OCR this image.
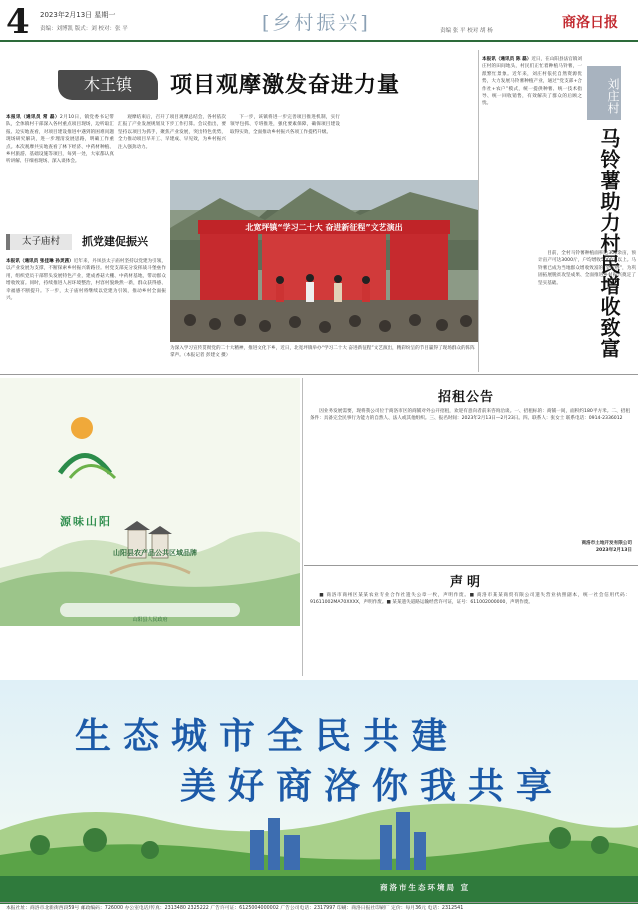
4 2023年2月13日 星期一
责编：刘博凯 版式：刘 校对：张 平	[乡村振兴]	责编 张 平 校对 胡 杨	商洛日报
木王镇	项目观摩激发奋进力量
本报讯（通讯员 常 磊）2月10日，镇党委书记带队，全体镇村干部深入各村重点项目现场，边听取汇报、边实地查看，对项目建设推进中遇到的困难问题现场研究解决，进一步理清发展思路，明确工作重点。本次观摩共实地查看了林下经济、中药材种植、乡村旅游、基础设施等项目，每到一处，大家都认真听讲解、仔细看现场、深入谈体会。

观摩结束后，召开了项目观摩总结会，各村依次汇报了产业发展规划及下步工作打算。会议指出，要坚持以项目为抓手，聚焦产业发展，突出特色优势，全力推动项目早开工、早建成、早见效，为乡村振兴注入强劲动力。

下一步，该镇将进一步完善项目推进机制，实行领导包抓、专班推进，强化要素保障，确保项目建设取得实效，全面推动乡村振兴各项工作提档升级。

太子庙村	抓党建促振兴
本报讯（通讯员 张佳琳 孙灵茜）近年来，丹凤县太子庙村坚持以党建为引领，以产业发展为支撑，不断探索乡村振兴新路径。村党支部充分发挥战斗堡垒作用，组织党员干部带头发展特色产业，建成香菇大棚、中药材基地，带动群众增收致富。同时，持续推进人居环境整治，村容村貌焕然一新，群众获得感、幸福感不断提升。下一步，太子庙村将继续以党建为引领，推动乡村全面振兴。
北宽坪镇“学习二十大 奋进新征程”文艺演出
为深入学习宣传贯彻党的二十大精神，推进文化下乡，近日，北宽坪镇举办“学习二十大 奋进新征程”文艺演出，精彩纷呈的节目赢得了现场群众的阵阵掌声。（本报记者 彭建文 摄）
刘庄村
马铃薯助力村民增收致富
本报讯（通讯员 陈 磊）近日，在山阳县法官镇刘庄村的田间地头，村民们正忙着种植马铃薯，一派繁忙景象。近年来，刘庄村依托自然资源优势，大力发展马铃薯种植产业，通过“党支部+合作社+农户”模式，统一提供种薯、统一技术指导、统一回收销售，有效解决了群众的后顾之忧。

目前，全村马铃薯种植面积达300余亩，预计亩产可达3000斤，户均增收5000元以上。马铃薯已成为当地群众增收致富的“金疙瘩”，为巩固拓展脱贫攻坚成果、全面推进乡村振兴奠定了坚实基础。

源味山阳
山阳县农产品公共区域品牌
山阳县人民政府
招租公告

因业务发展需要，现将我公司位于商洛市区的商铺对外公开招租，欢迎有意向者前来咨询洽谈。一、招租标的：商铺一间，面积约180平方米。二、招租条件：具备完全民事行为能力的自然人、法人或其他组织。三、报名时间：2023年2月13日—2月23日。四、联系人：张女士 联系电话：0914-2336012

商洛市土地开发有限公司
2023年2月13日
声明

■ 商洛市商州区某某农业专业合作社遗失公章一枚，声明作废。■ 商洛市某某商贸有限公司遗失营业执照副本，统一社会信用代码：91611002MA70XXXX，声明作废。■ 某某遗失道路运输经营许可证，证号：611002000000，声明作废。

生态城市全民共建
美好商洛你我共享
商洛市生态环境局 宣
本报社址：商洛市北新街西段59号 邮政编码：726000 办公室电话/传真：2313480 2325222 广告许可证：6125004000002 广告公司电话：2317997 印刷：商洛日报社印刷厂 定价：每月36元 电话：2312541
